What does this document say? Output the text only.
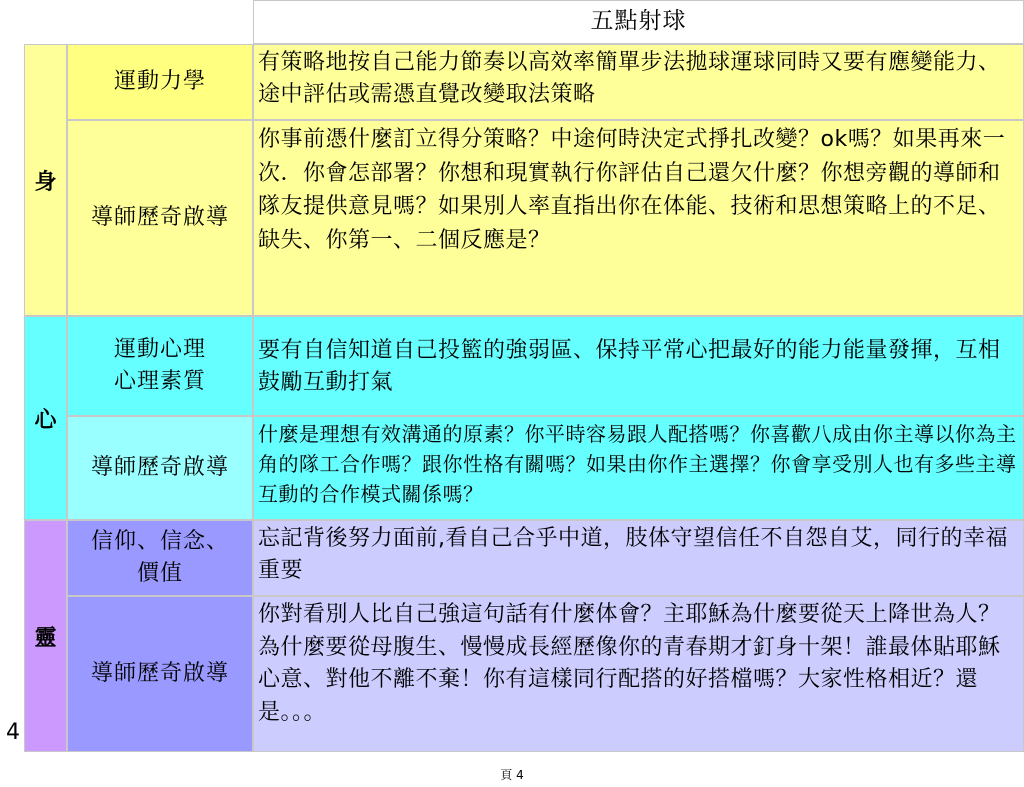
五點射球
身
運動力學
有策略地按自己能力節奏以高效率簡單步法拋球運球同時又要有應變能力、途中評估或需憑直覺改變取法策略
導師歷奇啟導
你事前憑什麼訂立得分策略？中途何時決定式掙扎改變？ok嗎？如果再來一次．你會怎部署？你想和現實執行你評估自己還欠什麼？你想旁觀的導師和隊友提供意見嗎？如果別人率直指出你在体能、技術和思想策略上的不足、缺失、你第一、二個反應是？
心
運動心理
心理素質
要有自信知道自己投籃的強弱區、保持平常心把最好的能力能量發揮，互相鼓勵互動打氣
導師歷奇啟導
什麼是理想有效溝通的原素？你平時容易跟人配搭嗎？你喜歡八成由你主導以你為主角的隊工合作嗎？跟你性格有關嗎？如果由你作主選擇？你會享受別人也有多些主導互動的合作模式關係嗎？
靈
信仰、信念、
價值
忘記背後努力面前,看自己合乎中道，肢体守望信任不自怨自艾，同行的幸福重要
導師歷奇啟導
你對看別人比自己強這句話有什麼体會？主耶穌為什麼要從天上降世為人？為什麼要從母腹生、慢慢成長經歷像你的青春期才釘身十架！誰最体貼耶穌心意、對他不離不棄！你有這樣同行配搭的好搭檔嗎？大家性格相近？還是。。。
4
頁 4
